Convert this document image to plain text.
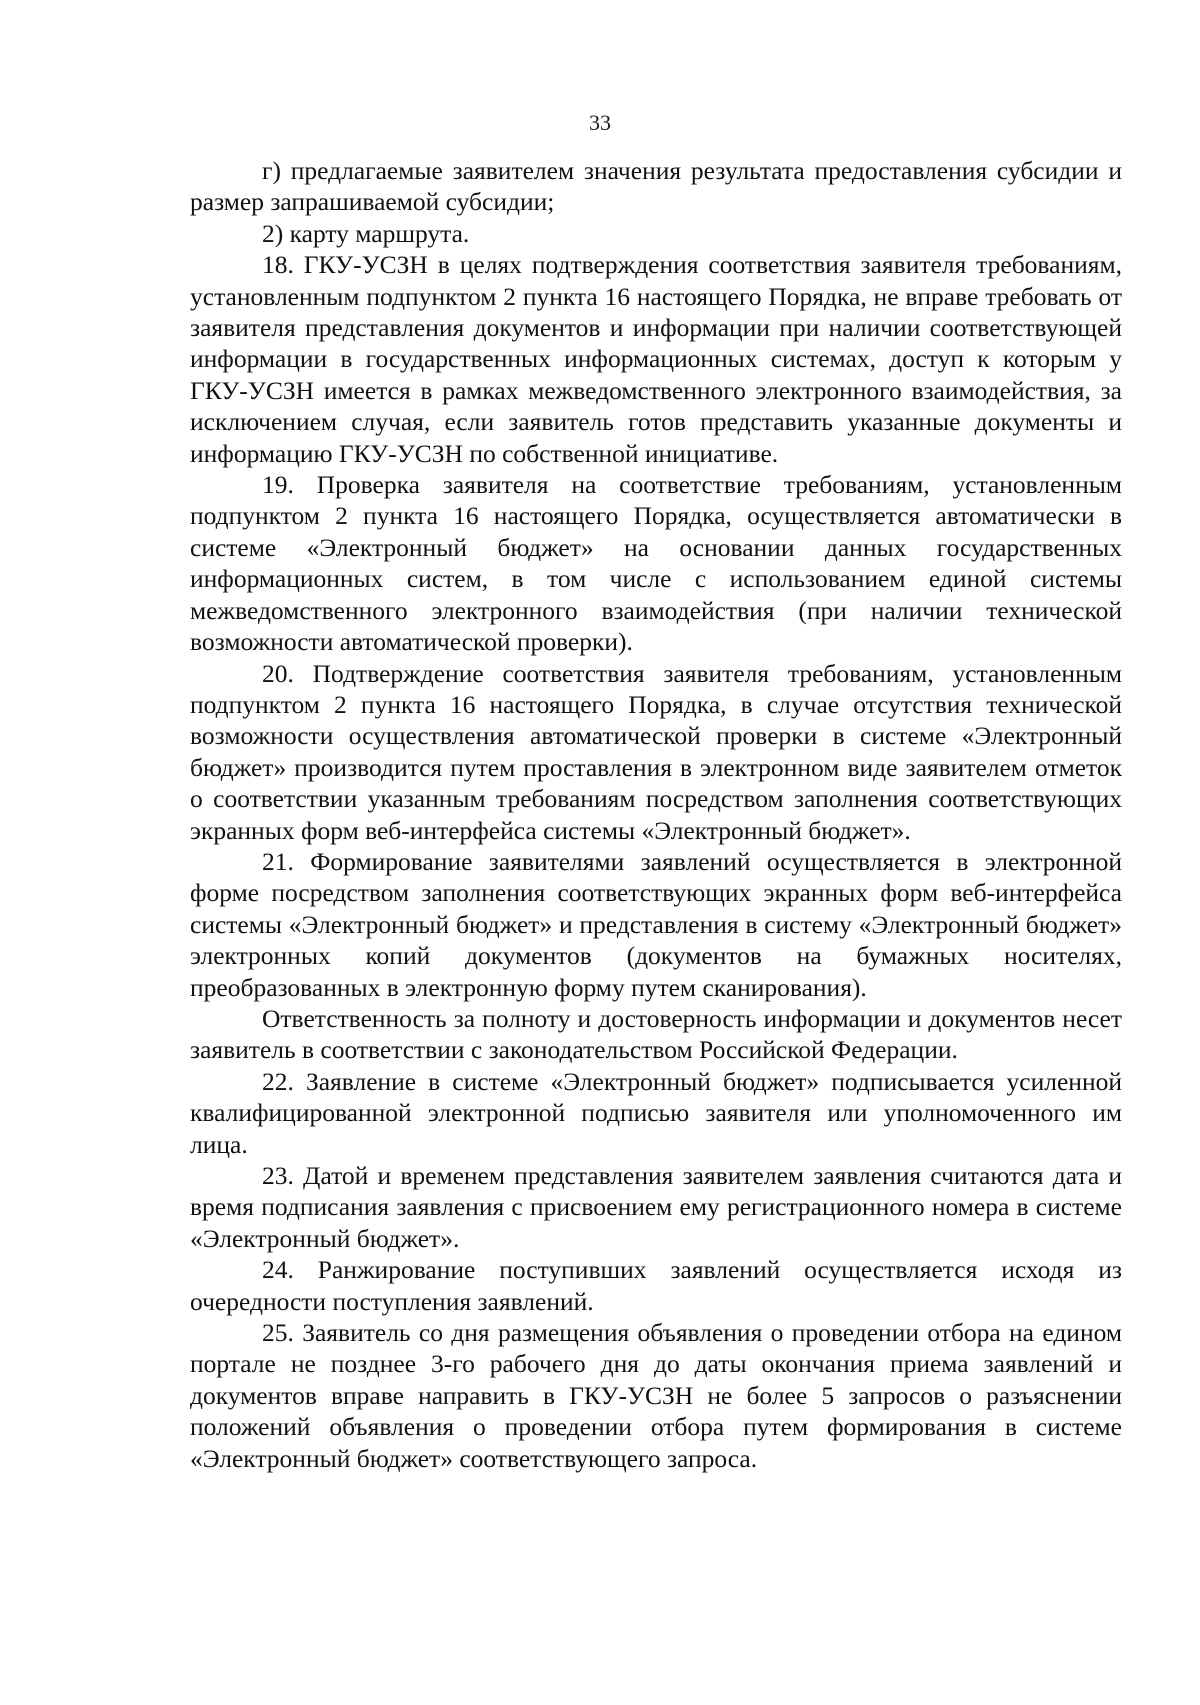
33

г) предлагаемые заявителем значения результата предоставления субсидии и размер запрашиваемой субсидии;

2) карту маршрута.

18. ГКУ-УСЗН в целях подтверждения соответствия заявителя требованиям, установленным подпунктом 2 пункта 16 настоящего Порядка, не вправе требовать от заявителя представления документов и информации при наличии соответствующей информации в государственных информационных системах, доступ к которым у ГКУ-УСЗН имеется в рамках межведомственного электронного взаимодействия, за исключением случая, если заявитель готов представить указанные документы и информацию ГКУ-УСЗН по собственной инициативе.

19. Проверка заявителя на соответствие требованиям, установленным подпунктом 2 пункта 16 настоящего Порядка, осуществляется автоматически в системе «Электронный бюджет» на основании данных государственных информационных систем, в том числе с использованием единой системы межведомственного электронного взаимодействия (при наличии технической возможности автоматической проверки).

20. Подтверждение соответствия заявителя требованиям, установленным подпунктом 2 пункта 16 настоящего Порядка, в случае отсутствия технической возможности осуществления автоматической проверки в системе «Электронный бюджет» производится путем проставления в электронном виде заявителем отметок о соответствии указанным требованиям посредством заполнения соответствующих экранных форм веб-интерфейса системы «Электронный бюджет».

21. Формирование заявителями заявлений осуществляется в электронной форме посредством заполнения соответствующих экранных форм веб-интерфейса системы «Электронный бюджет» и представления в систему «Электронный бюджет» электронных копий документов (документов на бумажных носителях, преобразованных в электронную форму путем сканирования).

Ответственность за полноту и достоверность информации и документов несет заявитель в соответствии с законодательством Российской Федерации.

22. Заявление в системе «Электронный бюджет» подписывается усиленной квалифицированной электронной подписью заявителя или уполномоченного им лица.

23. Датой и временем представления заявителем заявления считаются дата и время подписания заявления с присвоением ему регистрационного номера в системе «Электронный бюджет».

24. Ранжирование поступивших заявлений осуществляется исходя из очередности поступления заявлений.

25. Заявитель со дня размещения объявления о проведении отбора на едином портале не позднее 3-го рабочего дня до даты окончания приема заявлений и документов вправе направить в ГКУ-УСЗН не более 5 запросов о разъяснении положений объявления о проведении отбора путем формирования в системе «Электронный бюджет» соответствующего запроса.
